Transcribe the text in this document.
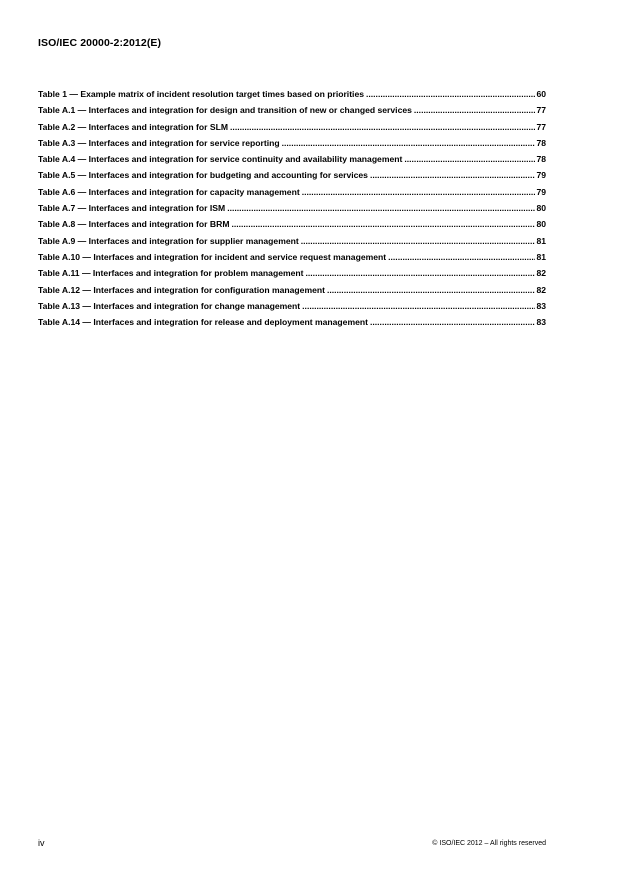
ISO/IEC 20000-2:2012(E)
Table 1 — Example matrix of incident resolution target times based on priorities .....	60
Table A.1 — Interfaces and integration for design and transition of new or changed services .....	77
Table A.2 — Interfaces and integration for SLM .....	77
Table A.3 — Interfaces and integration for service reporting .....	78
Table A.4 — Interfaces and integration for service continuity and availability management .....	78
Table A.5 — Interfaces and integration for budgeting and accounting for services .....	79
Table A.6 — Interfaces and integration for capacity management .....	79
Table A.7 — Interfaces and integration for ISM .....	80
Table A.8 — Interfaces and integration for BRM .....	80
Table A.9 — Interfaces and integration for supplier management .....	81
Table A.10 — Interfaces and integration for incident and service request management .....	81
Table A.11 — Interfaces and integration for problem management .....	82
Table A.12 — Interfaces and integration for configuration management .....	82
Table A.13 — Interfaces and integration for change management .....	83
Table A.14 — Interfaces and integration for release and deployment management .....	83
iv	© ISO/IEC 2012 – All rights reserved
